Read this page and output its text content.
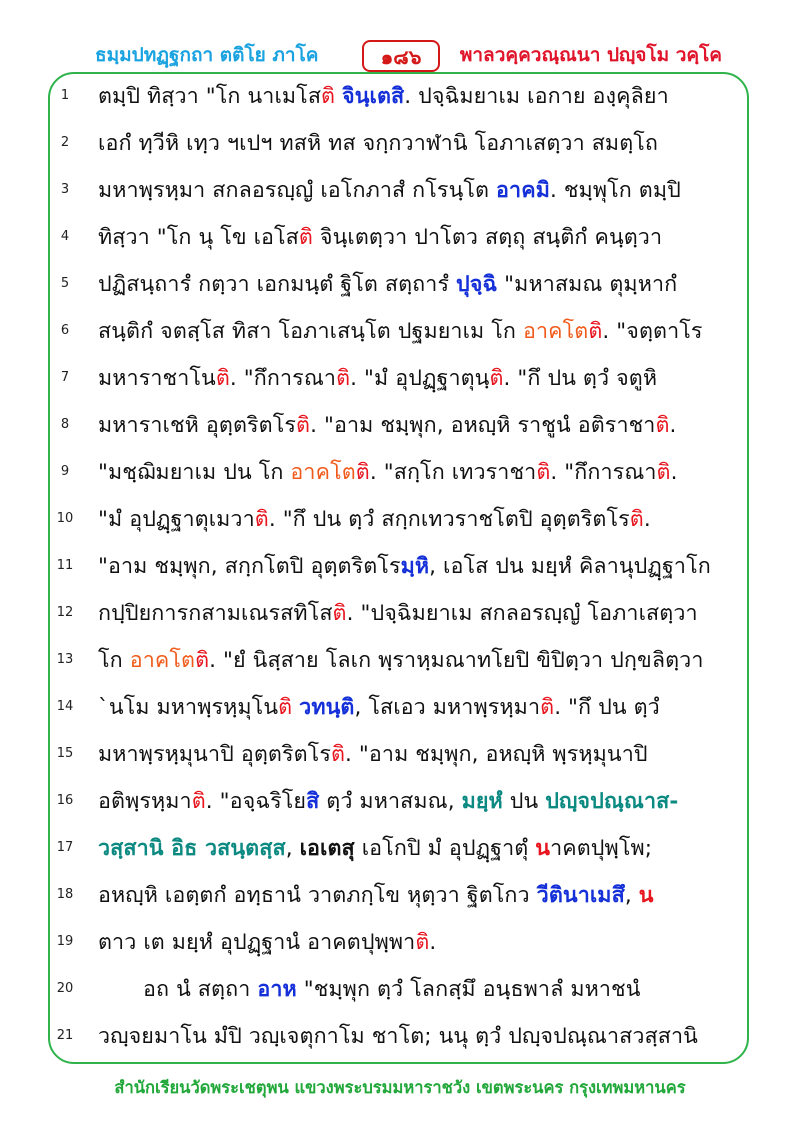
ธมฺมปทฏฺฐกถา ตติโย ภาโค	๑๘๖	พาลวคฺควณฺณนา ปญฺจโม วคฺโค
1	ตมฺปิ ทิสฺวา "โก นาเมโสติ จินฺเตสิ. ปจฺฉิมยาเม เอกาย องฺคุลิยา
2	เอกํ ทฺวีหิ เทฺว ฯเปฯ ทสหิ ทส จกฺกวาฬานิ โอภาเสตฺวา สมตฺโถ
3	มหาพฺรหฺมา สกลอรญฺญํ เอโกภาสํ กโรนฺโต อาคมิ. ชมฺพุโก ตมฺปิ
4	ทิสฺวา "โก นุ โข เอโสติ จินฺเตตฺวา ปาโตว สตฺถุ สนฺติกํ คนฺตฺวา
5	ปฏิสนฺถารํ กตฺวา เอกมนฺตํ ฐิโต สตฺถารํ ปุจฺฉิ "มหาสมณ ตุมฺหากํ
6	สนฺติกํ จตสฺโส ทิสา โอภาเสนฺโต ปฐมยาเม โก อาคโตติ. "จตฺตาโร
7	มหาราชาโนติ. "กึการณาติ. "มํ อุปฏฺฐาตุนฺติ. "กึ ปน ตฺวํ จตูหิ
8	มหาราเชหิ อุตฺตริตโรติ. "อาม ชมฺพุก, อหญฺหิ ราชูนํ อติราชาติ.
9	"มชฺฌิมยาเม ปน โก อาคโตติ. "สกฺโก เทวราชาติ. "กึการณาติ.
10 "มํ อุปฏฺฐาตุเมวาติ. "กึ ปน ตฺวํ สกฺกเทวราชโตปิ อุตฺตริตโรติ.
11 "อาม ชมฺพุก, สกฺกโตปิ อุตฺตริตโรมฺหิ, เอโส ปน มยฺหํ คิลานุปฏฺฐาโก
12 กปฺปิยการกสามเณรสทิโสติ. "ปจฺฉิมยาเม สกลอรญฺญํ โอภาเสตฺวา
13 โก อาคโตติ. "ยํ นิสฺสาย โลเก พฺราหฺมณาทโยปิ ขิปิตฺวา ปกฺขลิตฺวา
14 `นโม มหาพฺรหฺมุโนติ วทนฺติ, โสเอว มหาพฺรหฺมาติ. "กึ ปน ตฺวํ
15 มหาพฺรหฺมุนาปิ อุตฺตริตโรติ. "อาม ชมฺพุก, อหญฺหิ พฺรหฺมุนาปิ
16 อติพฺรหฺมาติ. "อจฺฉริโยสิ ตฺวํ มหาสมณ, มยฺหํ ปน ปญฺจปณฺณาส-
17 วสฺสานิ อิธ วสนฺตสฺส, เอเตสุ เอโกปิ มํ อุปฏฺฐาตุํ นาคตปุพฺโพ;
18 อหญฺหิ เอตฺตกํ อทฺธานํ วาตภกฺโข หุตฺวา ฐิตโกว วีตินาเมสึ, น
19 ตาว เต มยฺหํ อุปฏฺฐานํ อาคตปุพฺพาติ.
20	อถ นํ สตฺถา อาห "ชมฺพุก ตฺวํ โลกสฺมึ อนฺธพาลํ มหาชนํ
21 วญฺจยมาโน มํปิ วญฺเจตุกาโม ชาโต; นนุ ตฺวํ ปญฺจปณฺณาสวสฺสานิ
สำนักเรียนวัดพระเชตุพน แขวงพระบรมมหาราชวัง เขตพระนคร กรุงเทพมหานคร
